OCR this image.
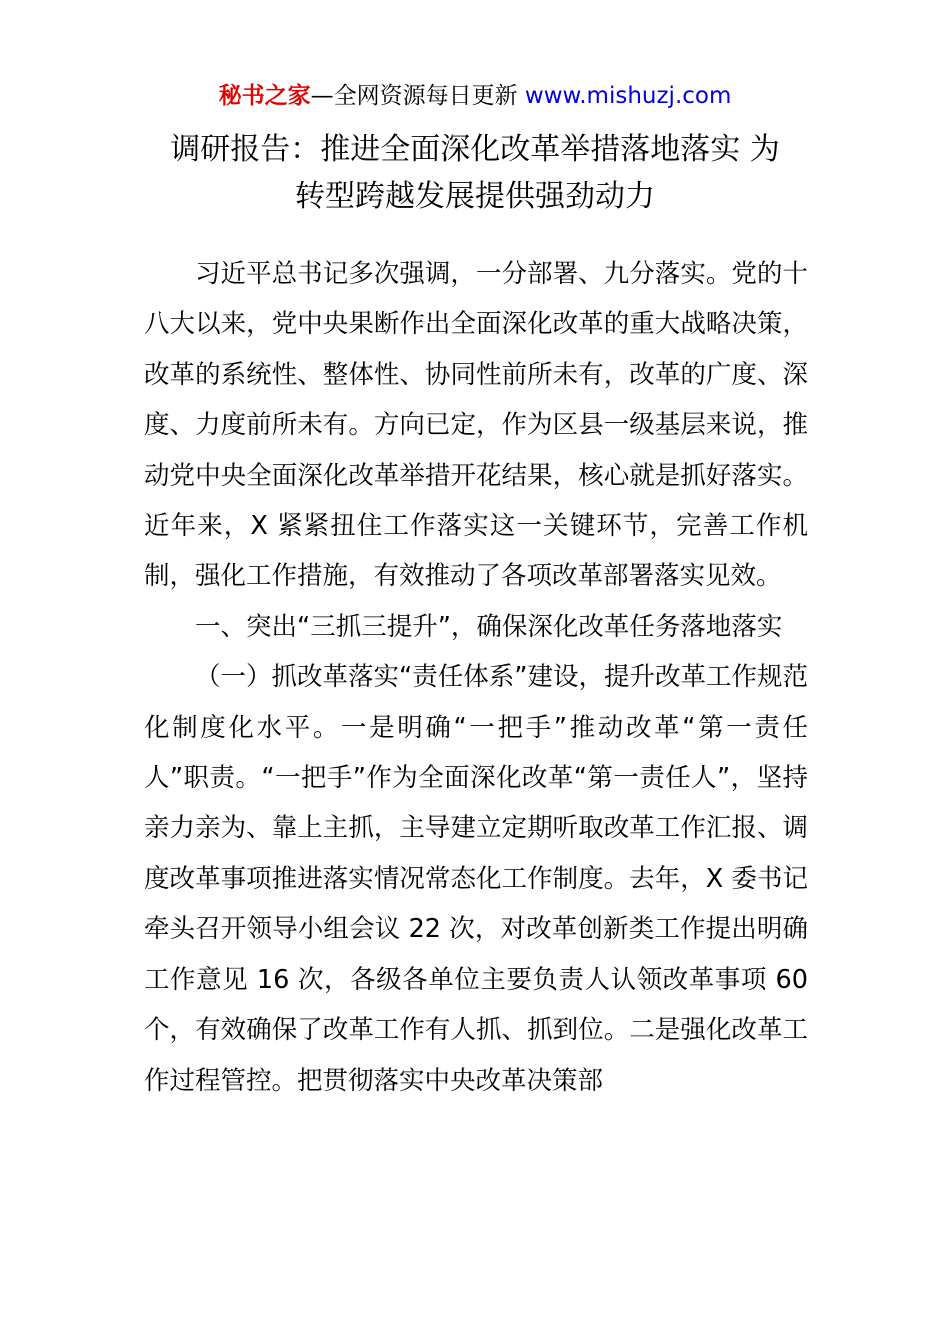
秘书之家—全网资源每日更新 www.mishuzj.com
调研报告：推进全面深化改革举措落地落实 为
转型跨越发展提供强劲动力

习近平总书记多次强调，一分部署、九分落实。党的十八大以来，党中央果断作出全面深化改革的重大战略决策，改革的系统性、整体性、协同性前所未有，改革的广度、深度、力度前所未有。方向已定，作为区县一级基层来说，推动党中央全面深化改革举措开花结果，核心就是抓好落实。近年来，X 紧紧扭住工作落实这一关键环节，完善工作机制，强化工作措施，有效推动了各项改革部署落实见效。

一、突出“三抓三提升”，确保深化改革任务落地落实

（一）抓改革落实“责任体系”建设，提升改革工作规范化制度化水平。一是明确“一把手”推动改革“第一责任人”职责。“一把手”作为全面深化改革“第一责任人”，坚持亲力亲为、靠上主抓，主导建立定期听取改革工作汇报、调度改革事项推进落实情况常态化工作制度。去年，X 委书记牵头召开领导小组会议 22 次，对改革创新类工作提出明确工作意见 16 次，各级各单位主要负责人认领改革事项 60 个，有效确保了改革工作有人抓、抓到位。二是强化改革工作过程管控。把贯彻落实中央改革决策部
